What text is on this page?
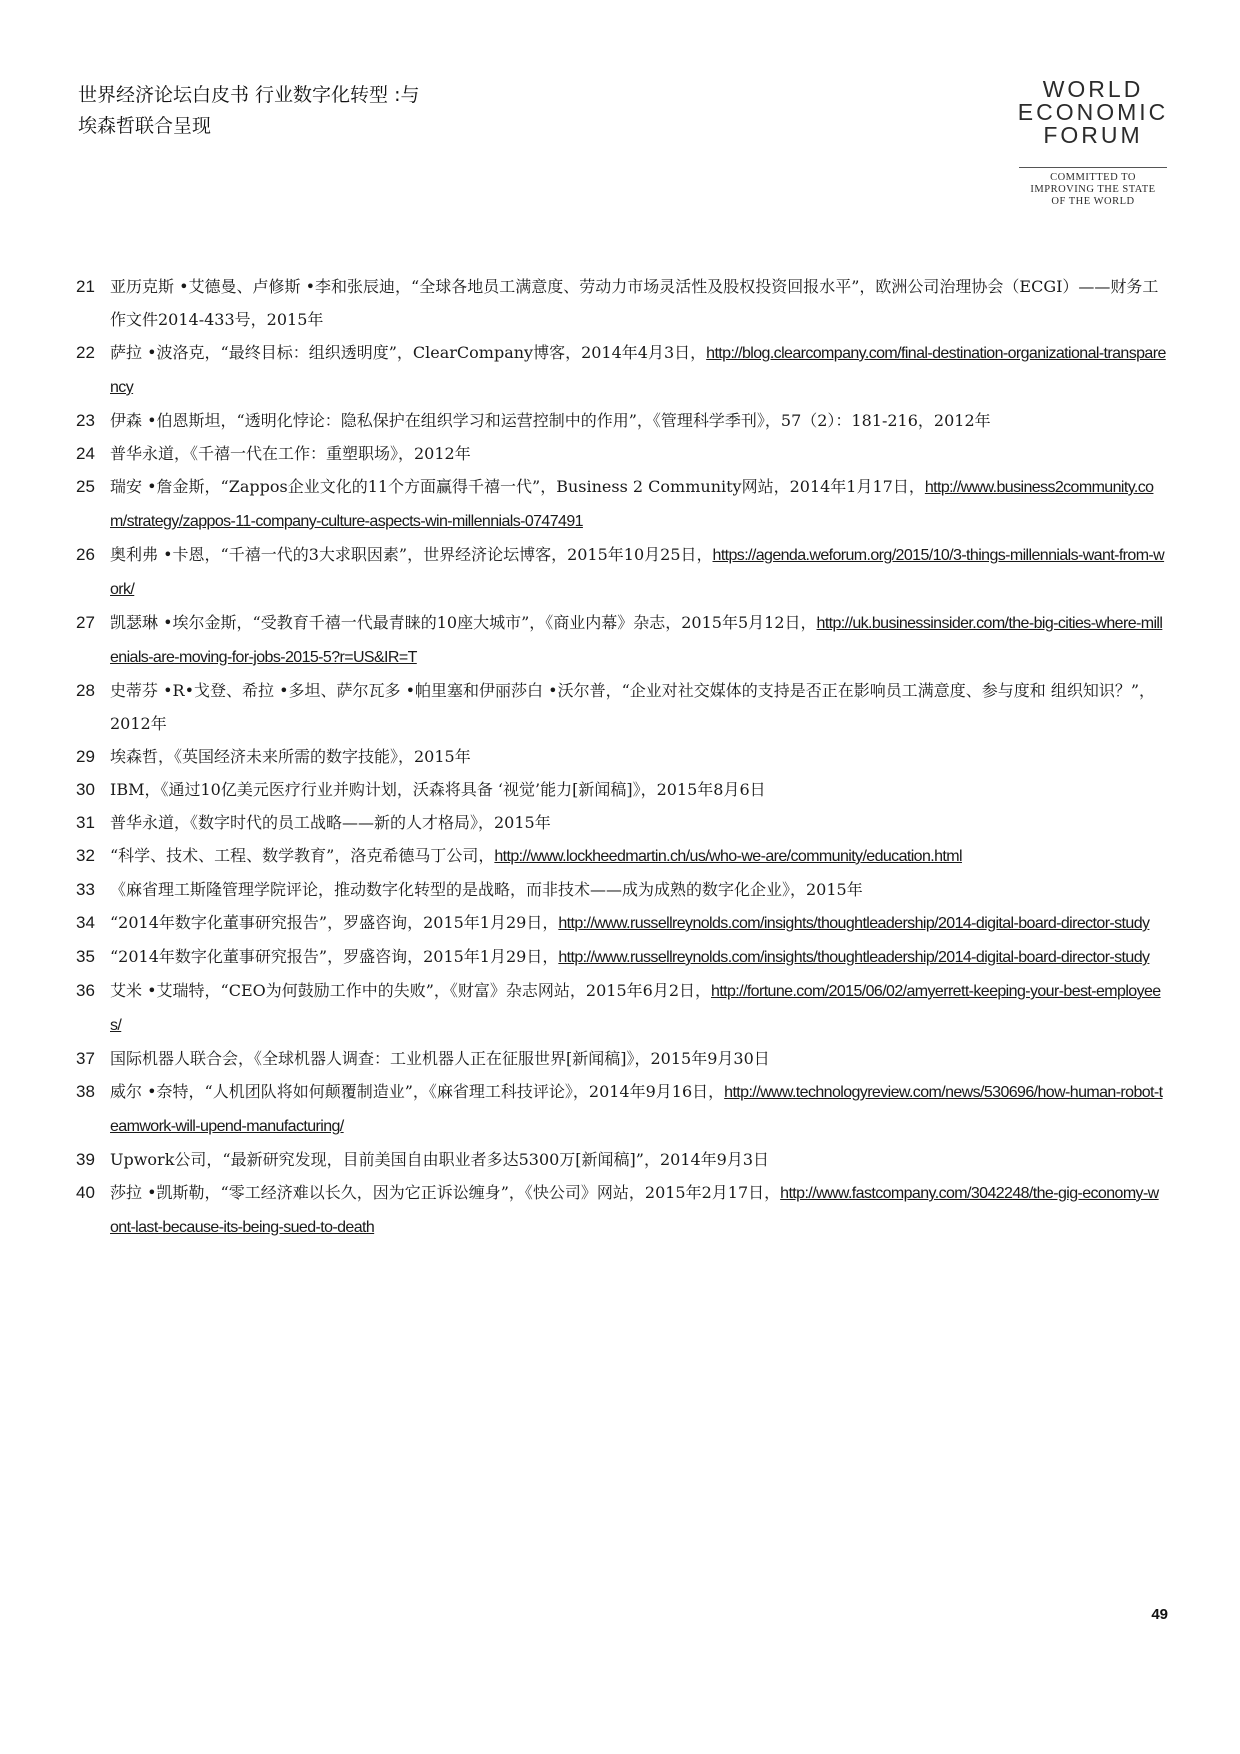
世界经济论坛白皮书 行业数字化转型 :与埃森哲联合呈现
WORLD
ECONOMIC
FORUM
COMMITTED TO
IMPROVING THE STATE
OF THE WORLD
21 亚历克斯 •艾德曼、卢修斯 •李和张辰迪，“全球各地员工满意度、劳动力市场灵活性及股权投资回报水平”，欧洲公司治理协会（ECGI）——财务工作文件2014-433号，2015年
22 萨拉 •波洛克，“最终目标：组织透明度”，ClearCompany博客，2014年4月3日，http://blog.clearcompany.com/final-destination-organizational-transparency
23 伊森 •伯恩斯坦，“透明化悖论：隐私保护在组织学习和运营控制中的作用”，《管理科学季刊》，57（2）：181-216，2012年
24 普华永道，《千禧一代在工作：重塑职场》，2012年
25 瑞安 •詹金斯，“Zappos企业文化的11个方面赢得千禧一代”，Business 2 Community网站，2014年1月17日，http://www.business2community.com/strategy/zappos-11-company-culture-aspects-win-millennials-0747491
26 奥利弗 •卡恩，“千禧一代的3大求职因素”，世界经济论坛博客，2015年10月25日，https://agenda.weforum.org/2015/10/3-things-millennials-want-from-work/
27 凯瑟琳 •埃尔金斯，“受教育千禧一代最青睐的10座大城市”，《商业内幕》杂志，2015年5月12日，http://uk.businessinsider.com/the-big-cities-where-millenials-are-moving-for-jobs-2015-5?r=US&IR=T
28 史蒂芬 •R•戈登、希拉 •多坦、萨尔瓦多 •帕里塞和伊丽莎白 •沃尔普，“企业对社交媒体的支持是否正在影响员工满意度、参与度和 组织知识？”，2012年
29 埃森哲，《英国经济未来所需的数字技能》，2015年
30 IBM，《通过10亿美元医疗行业并购计划，沃森将具备 ‘视觉’能力[新闻稿]》，2015年8月6日
31 普华永道，《数字时代的员工战略——新的人才格局》，2015年
32 “科学、技术、工程、数学教育”，洛克希德马丁公司，http://www.lockheedmartin.ch/us/who-we-are/community/education.html
33 《麻省理工斯隆管理学院评论，推动数字化转型的是战略，而非技术——成为成熟的数字化企业》，2015年
34 “2014年数字化董事研究报告”，罗盛咨询，2015年1月29日，http://www.russellreynolds.com/insights/thoughtleadership/2014-digital-board-director-study
35 “2014年数字化董事研究报告”，罗盛咨询，2015年1月29日，http://www.russellreynolds.com/insights/thoughtleadership/2014-digital-board-director-study
36 艾米 •艾瑞特，“CEO为何鼓励工作中的失败”，《财富》杂志网站，2015年6月2日，http://fortune.com/2015/06/02/amyerrett-keeping-your-best-employees/
37 国际机器人联合会，《全球机器人调查：工业机器人正在征服世界[新闻稿]》，2015年9月30日
38 威尔 •奈特，“人机团队将如何颠覆制造业”，《麻省理工科技评论》，2014年9月16日，http://www.technologyreview.com/news/530696/how-human-robot-teamwork-will-upend-manufacturing/
39 Upwork公司，“最新研究发现，目前美国自由职业者多达5300万[新闻稿]”，2014年9月3日
40 莎拉 •凯斯勒，“零工经济难以长久，因为它正诉讼缠身”，《快公司》网站，2015年2月17日，http://www.fastcompany.com/3042248/the-gig-economy-wont-last-because-its-being-sued-to-death
49
